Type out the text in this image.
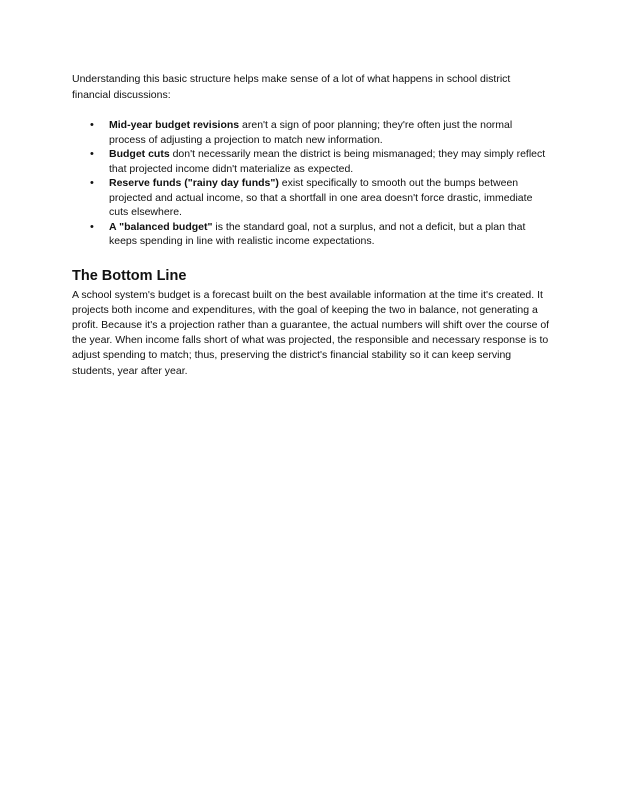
Understanding this basic structure helps make sense of a lot of what happens in school district financial discussions:

• Mid-year budget revisions aren't a sign of poor planning; they're often just the normal process of adjusting a projection to match new information.
• Budget cuts don't necessarily mean the district is being mismanaged; they may simply reflect that projected income didn't materialize as expected.
• Reserve funds ("rainy day funds") exist specifically to smooth out the bumps between projected and actual income, so that a shortfall in one area doesn't force drastic, immediate cuts elsewhere.
• A "balanced budget" is the standard goal, not a surplus, and not a deficit, but a plan that keeps spending in line with realistic income expectations.
The Bottom Line

A school system's budget is a forecast built on the best available information at the time it's created. It projects both income and expenditures, with the goal of keeping the two in balance, not generating a profit. Because it's a projection rather than a guarantee, the actual numbers will shift over the course of the year. When income falls short of what was projected, the responsible and necessary response is to adjust spending to match; thus, preserving the district's financial stability so it can keep serving students, year after year.
